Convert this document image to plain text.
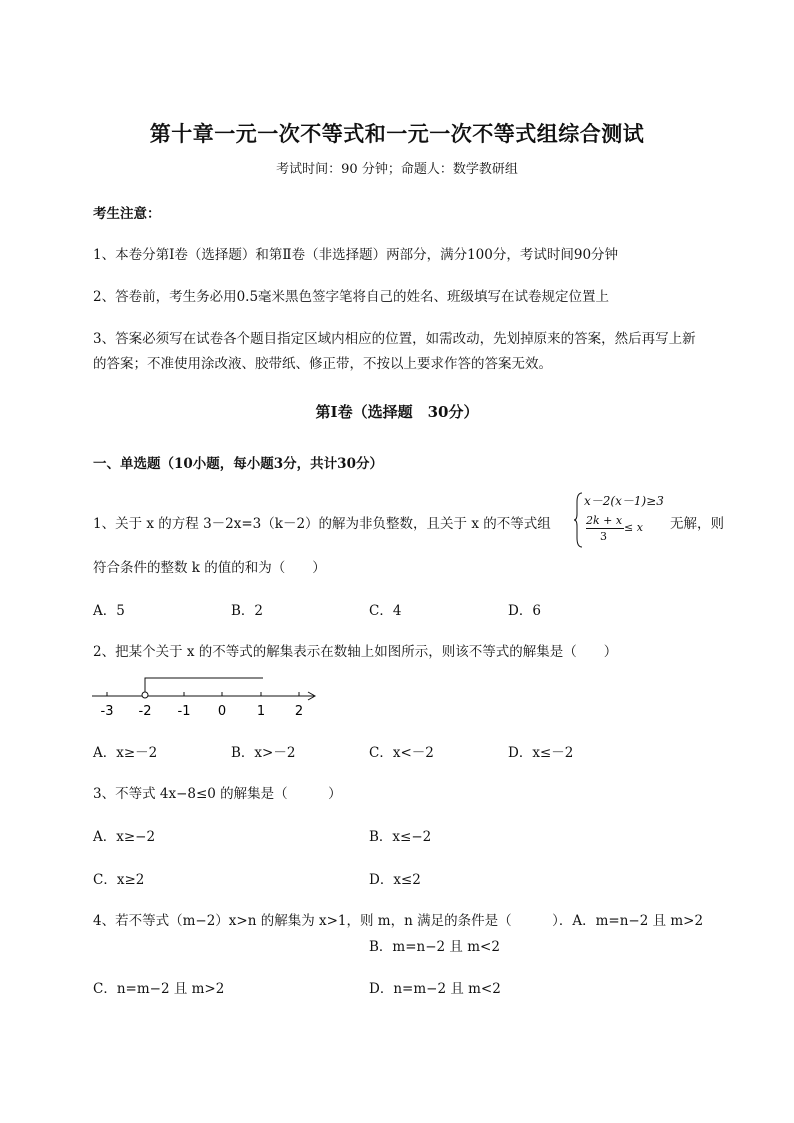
第十章一元一次不等式和一元一次不等式组综合测试
考试时间：90 分钟；命题人：数学教研组
考生注意：
1、本卷分第Ⅰ卷（选择题）和第Ⅱ卷（非选择题）两部分，满分100分，考试时间90分钟
2、答卷前，考生务必用0.5毫米黑色签字笔将自己的姓名、班级填写在试卷规定位置上
3、答案必须写在试卷各个题目指定区域内相应的位置，如需改动，先划掉原来的答案，然后再写上新
的答案；不准使用涂改液、胶带纸、修正带，不按以上要求作答的答案无效。
第Ⅰ卷（选择题　30分）
一、单选题（10小题，每小题3分，共计30分）
1、关于 x 的方程 3－2x=3（k－2）的解为非负整数，且关于 x 的不等式组
x－2(x－1)≥3
2k + x
3
≤ x 无解，则
符合条件的整数 k 的值的和为（　　）
A．5	B．2	C．4	D．6
2、把某个关于 x 的不等式的解集表示在数轴上如图所示，则该不等式的解集是（　　）
-3 -2 -1 0 1 2
A．x≥－2	B．x>－2	C．x<－2	D．x≤－2
3、不等式 4x−8≤0 的解集是（　　　）
A．x≥−2	B．x≤−2
C．x≥2	D．x≤2
4、若不等式（m−2）x>n 的解集为 x>1，则 m，n 满足的条件是（　　　）．A．m=n−2 且 m>2
B．m=n−2 且 m<2
C．n=m−2 且 m>2	D．n=m−2 且 m<2
